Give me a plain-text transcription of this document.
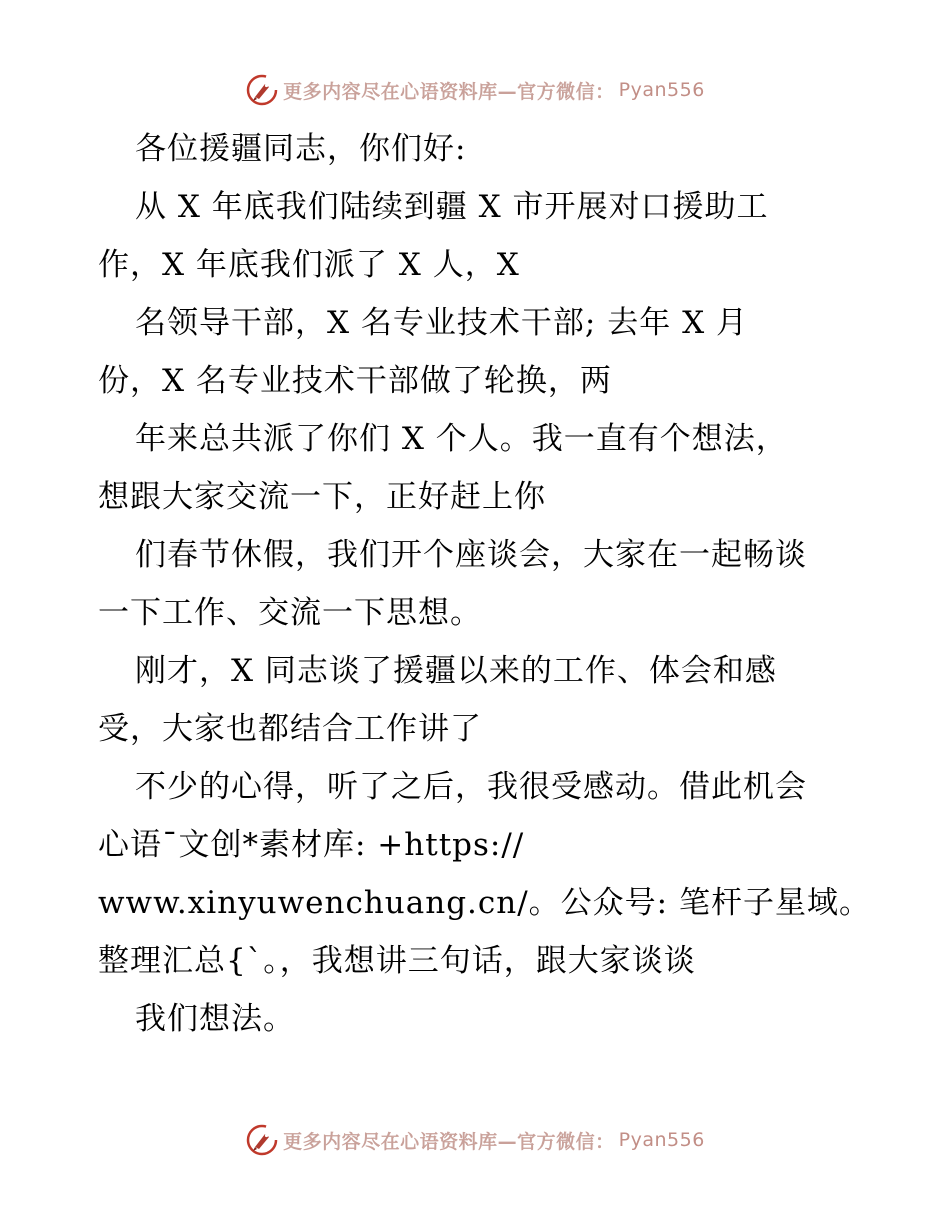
更多内容尽在心语资料库—官方微信： Pyan556
各位援疆同志，你们好:
从 X 年底我们陆续到疆 X 市开展对口援助工
作，X 年底我们派了 X 人，X
名领导干部，X 名专业技术干部; 去年 X 月
份，X 名专业技术干部做了轮换，两
年来总共派了你们 X 个人。我一直有个想法，
想跟大家交流一下，正好赶上你
们春节休假，我们开个座谈会，大家在一起畅谈
一下工作、交流一下思想。
刚才，X 同志谈了援疆以来的工作、体会和感
受，大家也都结合工作讲了
不少的心得，听了之后，我很受感动。借此机会
心语¯文创*素材库: +https://
www.xinyuwenchuang.cn/。公众号: 笔杆子星域。
整理汇总{`。，我想讲三句话，跟大家谈谈
我们想法。
更多内容尽在心语资料库—官方微信： Pyan556
